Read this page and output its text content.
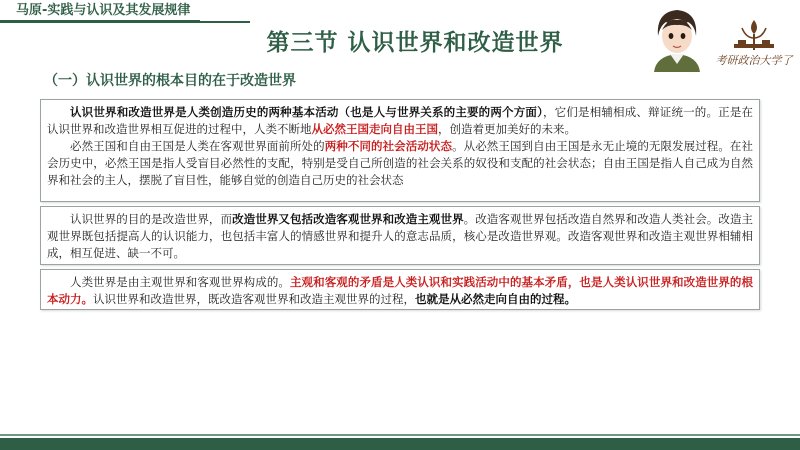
马原-实践与认识及其发展规律
第三节 认识世界和改造世界
考研政治大学了
（一）认识世界的根本目的在于改造世界

认识世界和改造世界是人类创造历史的两种基本活动（也是人与世界关系的主要的两个方面），它们是相辅相成、辩证统一的。正是在认识世界和改造世界相互促进的过程中，人类不断地从必然王国走向自由王国，创造着更加美好的未来。

必然王国和自由王国是人类在客观世界面前所处的两种不同的社会活动状态。从必然王国到自由王国是永无止境的无限发展过程。在社会历史中，必然王国是指人受盲目必然性的支配，特别是受自己所创造的社会关系的奴役和支配的社会状态；自由王国是指人自己成为自然界和社会的主人，摆脱了盲目性，能够自觉的创造自己历史的社会状态

认识世界的目的是改造世界，而改造世界又包括改造客观世界和改造主观世界。改造客观世界包括改造自然界和改造人类社会。改造主观世界既包括提高人的认识能力，也包括丰富人的情感世界和提升人的意志品质，核心是改造世界观。改造客观世界和改造主观世界相辅相成，相互促进、缺一不可。

人类世界是由主观世界和客观世界构成的。主观和客观的矛盾是人类认识和实践活动中的基本矛盾，也是人类认识世界和改造世界的根本动力。认识世界和改造世界，既改造客观世界和改造主观世界的过程，也就是从必然走向自由的过程。
